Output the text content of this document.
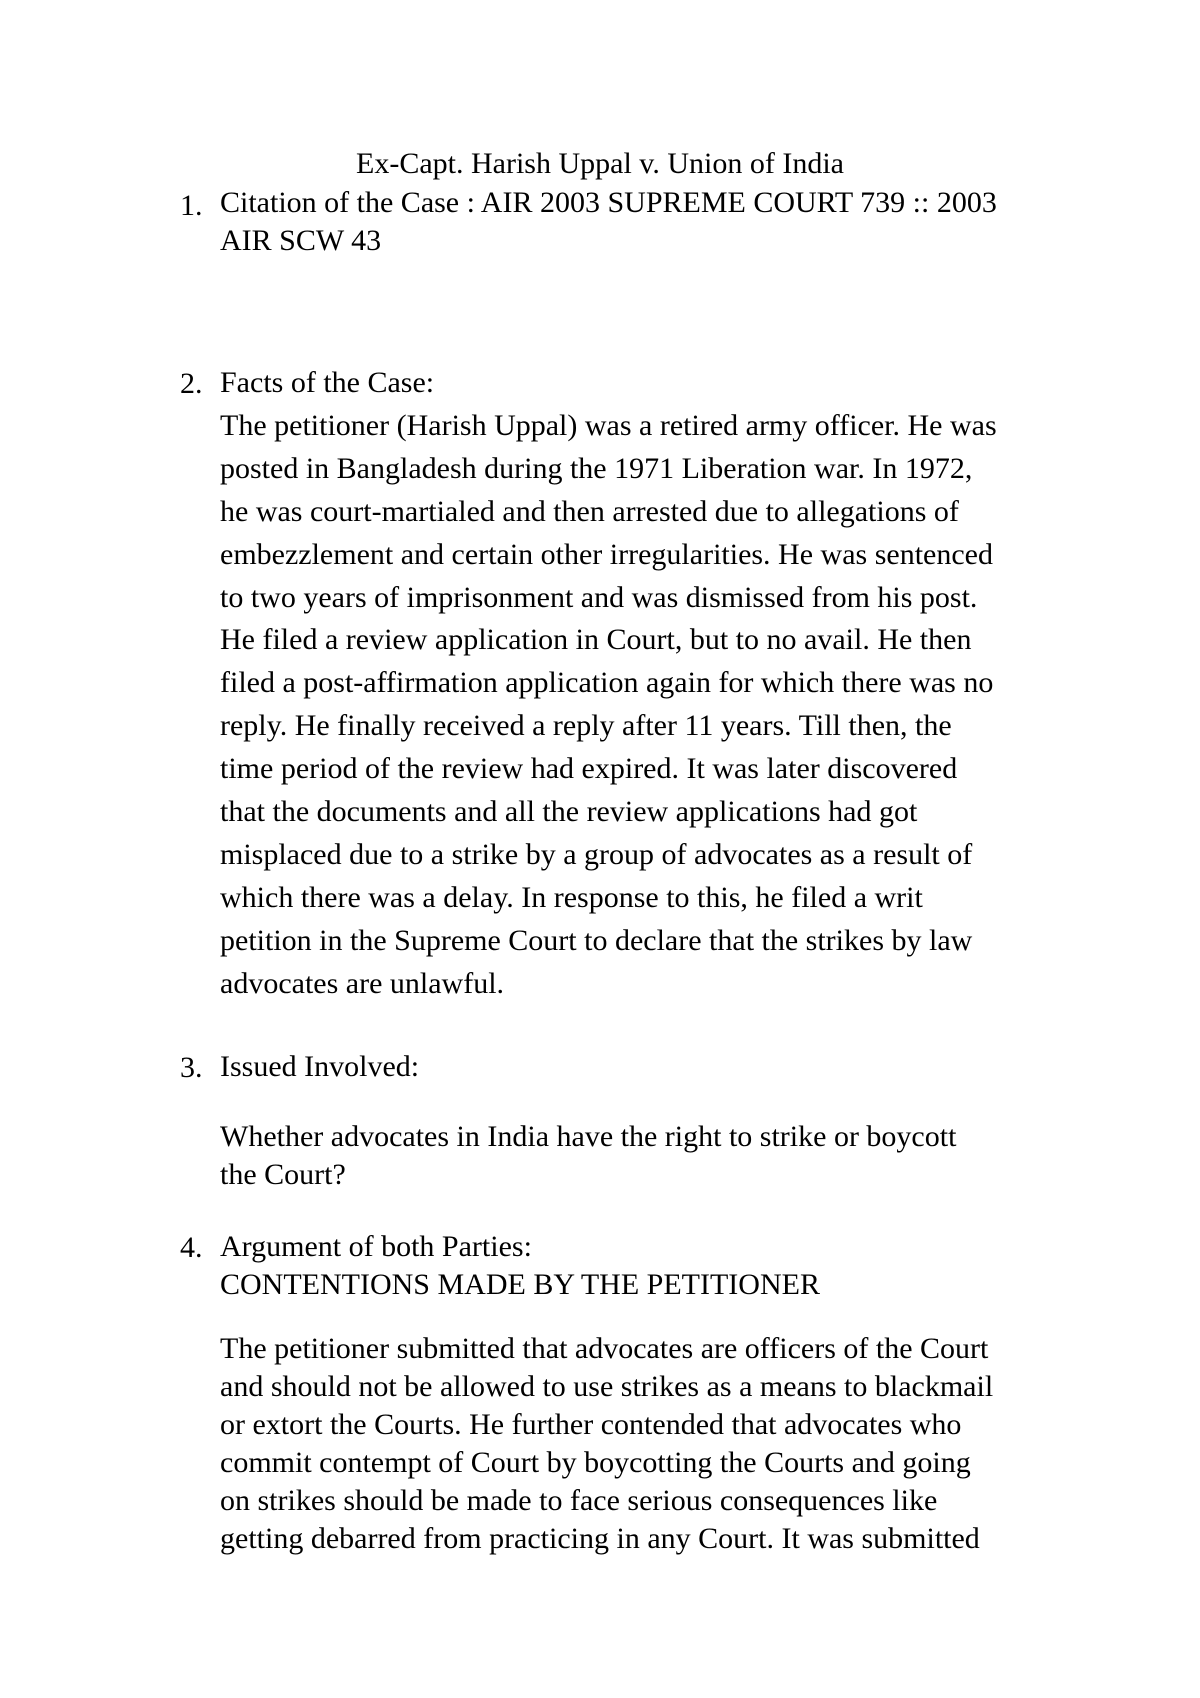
Ex-Capt. Harish Uppal v. Union of India
1. Citation of the Case : AIR 2003 SUPREME COURT 739 :: 2003
AIR SCW 43
2. Facts of the Case:
The petitioner (Harish Uppal) was a retired army officer. He was
posted in Bangladesh during the 1971 Liberation war. In 1972,
he was court-martialed and then arrested due to allegations of
embezzlement and certain other irregularities. He was sentenced
to two years of imprisonment and was dismissed from his post.
He filed a review application in Court, but to no avail. He then
filed a post-affirmation application again for which there was no
reply. He finally received a reply after 11 years. Till then, the
time period of the review had expired. It was later discovered
that the documents and all the review applications had got
misplaced due to a strike by a group of advocates as a result of
which there was a delay. In response to this, he filed a writ
petition in the Supreme Court to declare that the strikes by law
advocates are unlawful.
3. Issued Involved:
Whether advocates in India have the right to strike or boycott
the Court?
4. Argument of both Parties:
CONTENTIONS MADE BY THE PETITIONER
The petitioner submitted that advocates are officers of the Court
and should not be allowed to use strikes as a means to blackmail
or extort the Courts. He further contended that advocates who
commit contempt of Court by boycotting the Courts and going
on strikes should be made to face serious consequences like
getting debarred from practicing in any Court. It was submitted
